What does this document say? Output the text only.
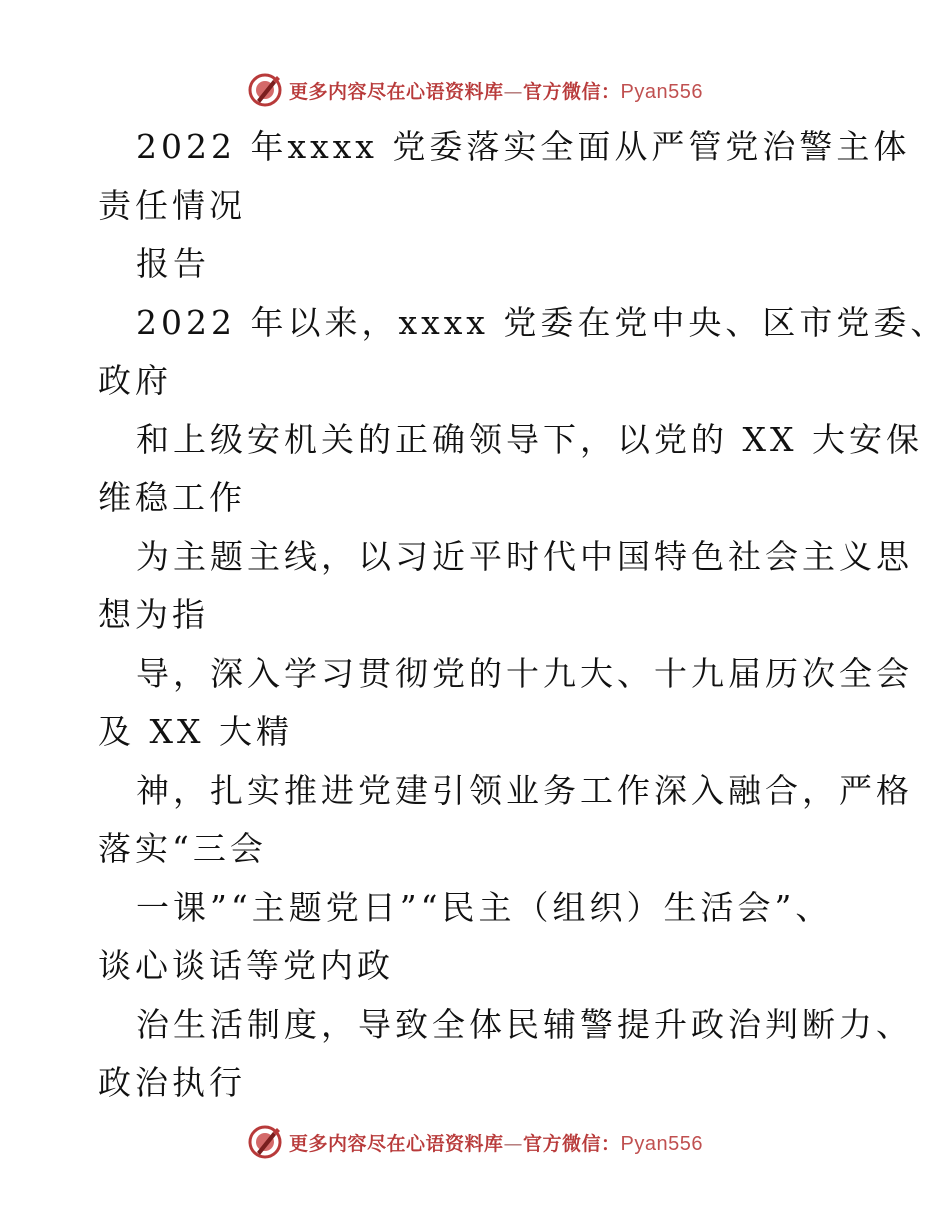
更多内容尽在心语资料库—官方微信：Pyan556
2022 年xxxx 党委落实全面从严管党治警主体
责任情况
报告
2022 年以来，xxxx 党委在党中央、区市党委、
政府
和上级安机关的正确领导下，以党的 XX 大安保
维稳工作
为主题主线，以习近平时代中国特色社会主义思
想为指
导，深入学习贯彻党的十九大、十九届历次全会
及 XX 大精
神，扎实推进党建引领业务工作深入融合，严格
落实“三会
一课”“主题党日”“民主（组织）生活会”、
谈心谈话等党内政
治生活制度，导致全体民辅警提升政治判断力、
政治执行
更多内容尽在心语资料库—官方微信：Pyan556
